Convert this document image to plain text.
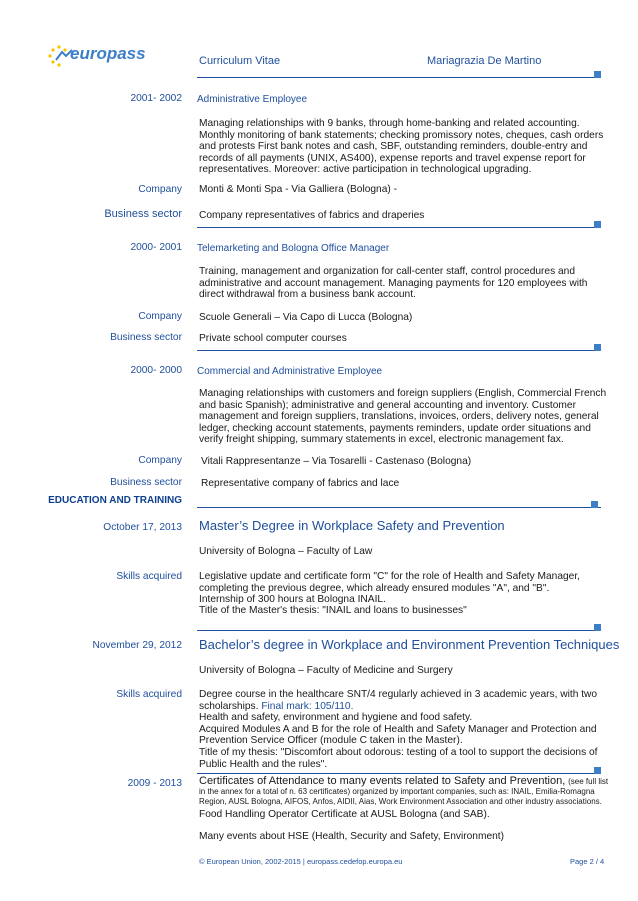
europass	Curriculum Vitae	Mariagrazia De Martino
2001- 2002 Administrative Employee
Managing relationships with 9 banks, through home-banking and related accounting. Monthly monitoring of bank statements; checking promissory notes, cheques, cash orders and protests First bank notes and cash, SBF, outstanding reminders, double-entry and records of all payments (UNIX, AS400), expense reports and travel expense report for representatives. Moreover: active participation in technological upgrading.
Company Monti & Monti Spa - Via Galliera (Bologna) -
Business sector Company representatives of fabrics and draperies
2000- 2001 Telemarketing and Bologna Office Manager
Training, management and organization for call-center staff, control procedures and administrative and account management. Managing payments for 120 employees with direct withdrawal from a business bank account.
Company Scuole Generali – Via Capo di Lucca (Bologna)
Business sector Private school computer courses
2000- 2000 Commercial and Administrative Employee
Managing relationships with customers and foreign suppliers (English, Commercial French and basic Spanish); administrative and general accounting and inventory. Customer management and foreign suppliers, translations, invoices, orders, delivery notes, general ledger, checking account statements, payments reminders, update order situations and verify freight shipping, summary statements in excel, electronic management fax.
Company Vitali Rappresentanze – Via Tosarelli - Castenaso (Bologna)
Business sector Representative company of fabrics and lace
EDUCATION AND TRAINING
October 17, 2013 Master’s Degree in Workplace Safety and Prevention
University of Bologna – Faculty of Law
Skills acquired Legislative update and certificate form "C" for the role of Health and Safety Manager, completing the previous degree, which already ensured modules "A", and "B".
Internship of 300 hours at Bologna INAIL.
Title of the Master's thesis: "INAIL and loans to businesses"
November 29, 2012 Bachelor’s degree in Workplace and Environment Prevention Techniques
University of Bologna – Faculty of Medicine and Surgery
Skills acquired Degree course in the healthcare SNT/4 regularly achieved in 3 academic years, with two scholarships. Final mark: 105/110.
Health and safety, environment and hygiene and food safety.
Acquired Modules A and B for the role of Health and Safety Manager and Protection and Prevention Service Officer (module C taken in the Master).
Title of my thesis: "Discomfort about odorous: testing of a tool to support the decisions of Public Health and the rules".
2009 - 2013 Certificates of Attendance to many events related to Safety and Prevention, (see full list in the annex for a total of n. 63 certificates) organized by important companies, such as: INAIL, Emilia-Romagna Region, AUSL Bologna, AIFOS, Anfos, AIDII, Aias, Work Environment Association and other industry associations.
Food Handling Operator Certificate at AUSL Bologna (and SAB).
Many events about HSE (Health, Security and Safety, Environment)
© European Union, 2002-2015 | europass.cedefop.europa.eu	Page 2 / 4
